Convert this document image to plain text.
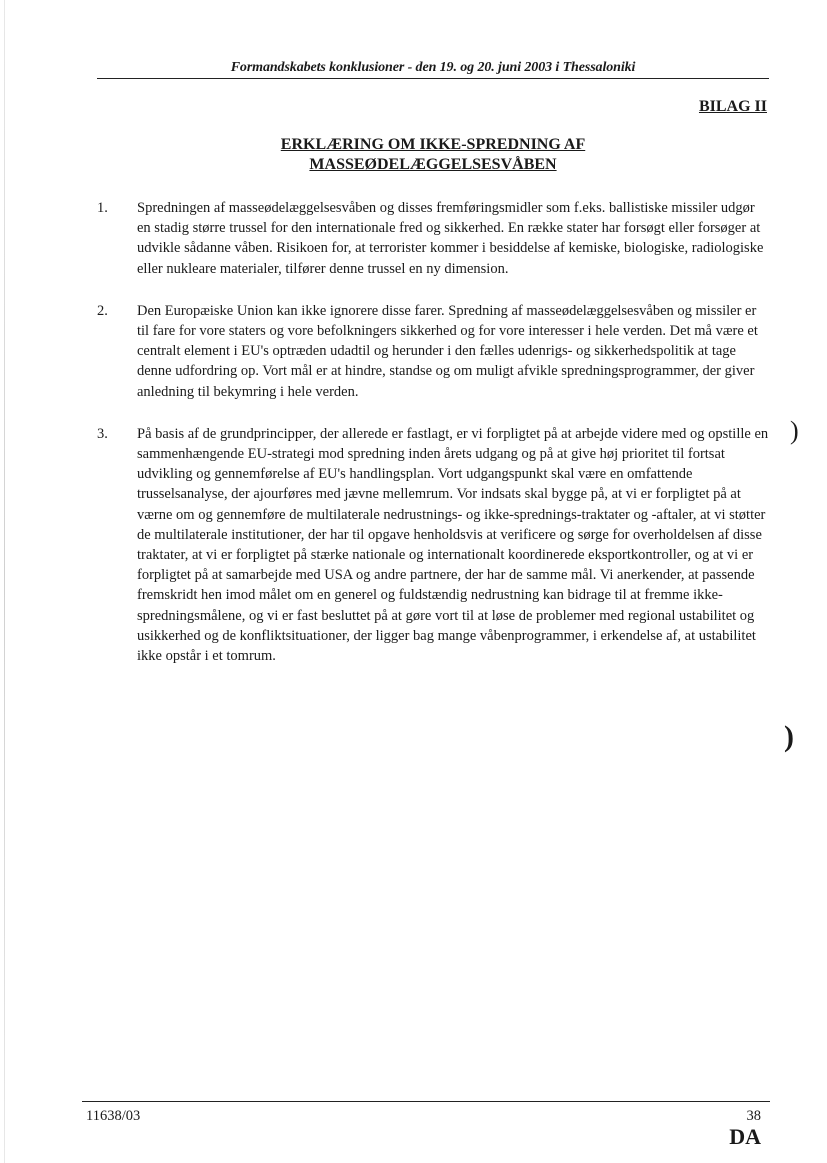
Formandskabets konklusioner - den 19. og 20. juni 2003 i Thessaloniki
BILAG II
ERKLÆRING OM IKKE-SPREDNING AF
MASSEØDELÆGGELSESVÅBEN
1.	Spredningen af masseødelæggelsesvåben og disses fremføringsmidler som f.eks. ballistiske missiler udgør en stadig større trussel for den internationale fred og sikkerhed. En række stater har forsøgt eller forsøger at udvikle sådanne våben. Risikoen for, at terrorister kommer i besiddelse af kemiske, biologiske, radiologiske eller nukleare materialer, tilfører denne trussel en ny dimension.
2.	Den Europæiske Union kan ikke ignorere disse farer. Spredning af masseødelæggelsesvåben og missiler er til fare for vore staters og vore befolkningers sikkerhed og for vore interesser i hele verden. Det må være et centralt element i EU's optræden udadtil og herunder i den fælles udenrigs- og sikkerhedspolitik at tage denne udfordring op. Vort mål er at hindre, standse og om muligt afvikle spredningsprogrammer, der giver anledning til bekymring i hele verden.
3.	På basis af de grundprincipper, der allerede er fastlagt, er vi forpligtet på at arbejde videre med og opstille en sammenhængende EU-strategi mod spredning inden årets udgang og på at give høj prioritet til fortsat udvikling og gennemførelse af EU's handlingsplan. Vort udgangspunkt skal være en omfattende trusselsanalyse, der ajourføres med jævne mellemrum. Vor indsats skal bygge på, at vi er forpligtet på at værne om og gennemføre de multilaterale nedrustnings- og ikke-sprednings-traktater og -aftaler, at vi støtter de multilaterale institutioner, der har til opgave henholdsvis at verificere og sørge for overholdelsen af disse traktater, at vi er forpligtet på stærke nationale og internationalt koordinerede eksportkontroller, og at vi er forpligtet på at samarbejde med USA og andre partnere, der har de samme mål. Vi anerkender, at passende fremskridt hen imod målet om en generel og fuldstændig nedrustning kan bidrage til at fremme ikke-spredningsmålene, og vi er fast besluttet på at gøre vort til at løse de problemer med regional ustabilitet og usikkerhed og de konfliktsituationer, der ligger bag mange våbenprogrammer, i erkendelse af, at ustabilitet ikke opstår i et tomrum.
)
)
11638/03	38
DA
